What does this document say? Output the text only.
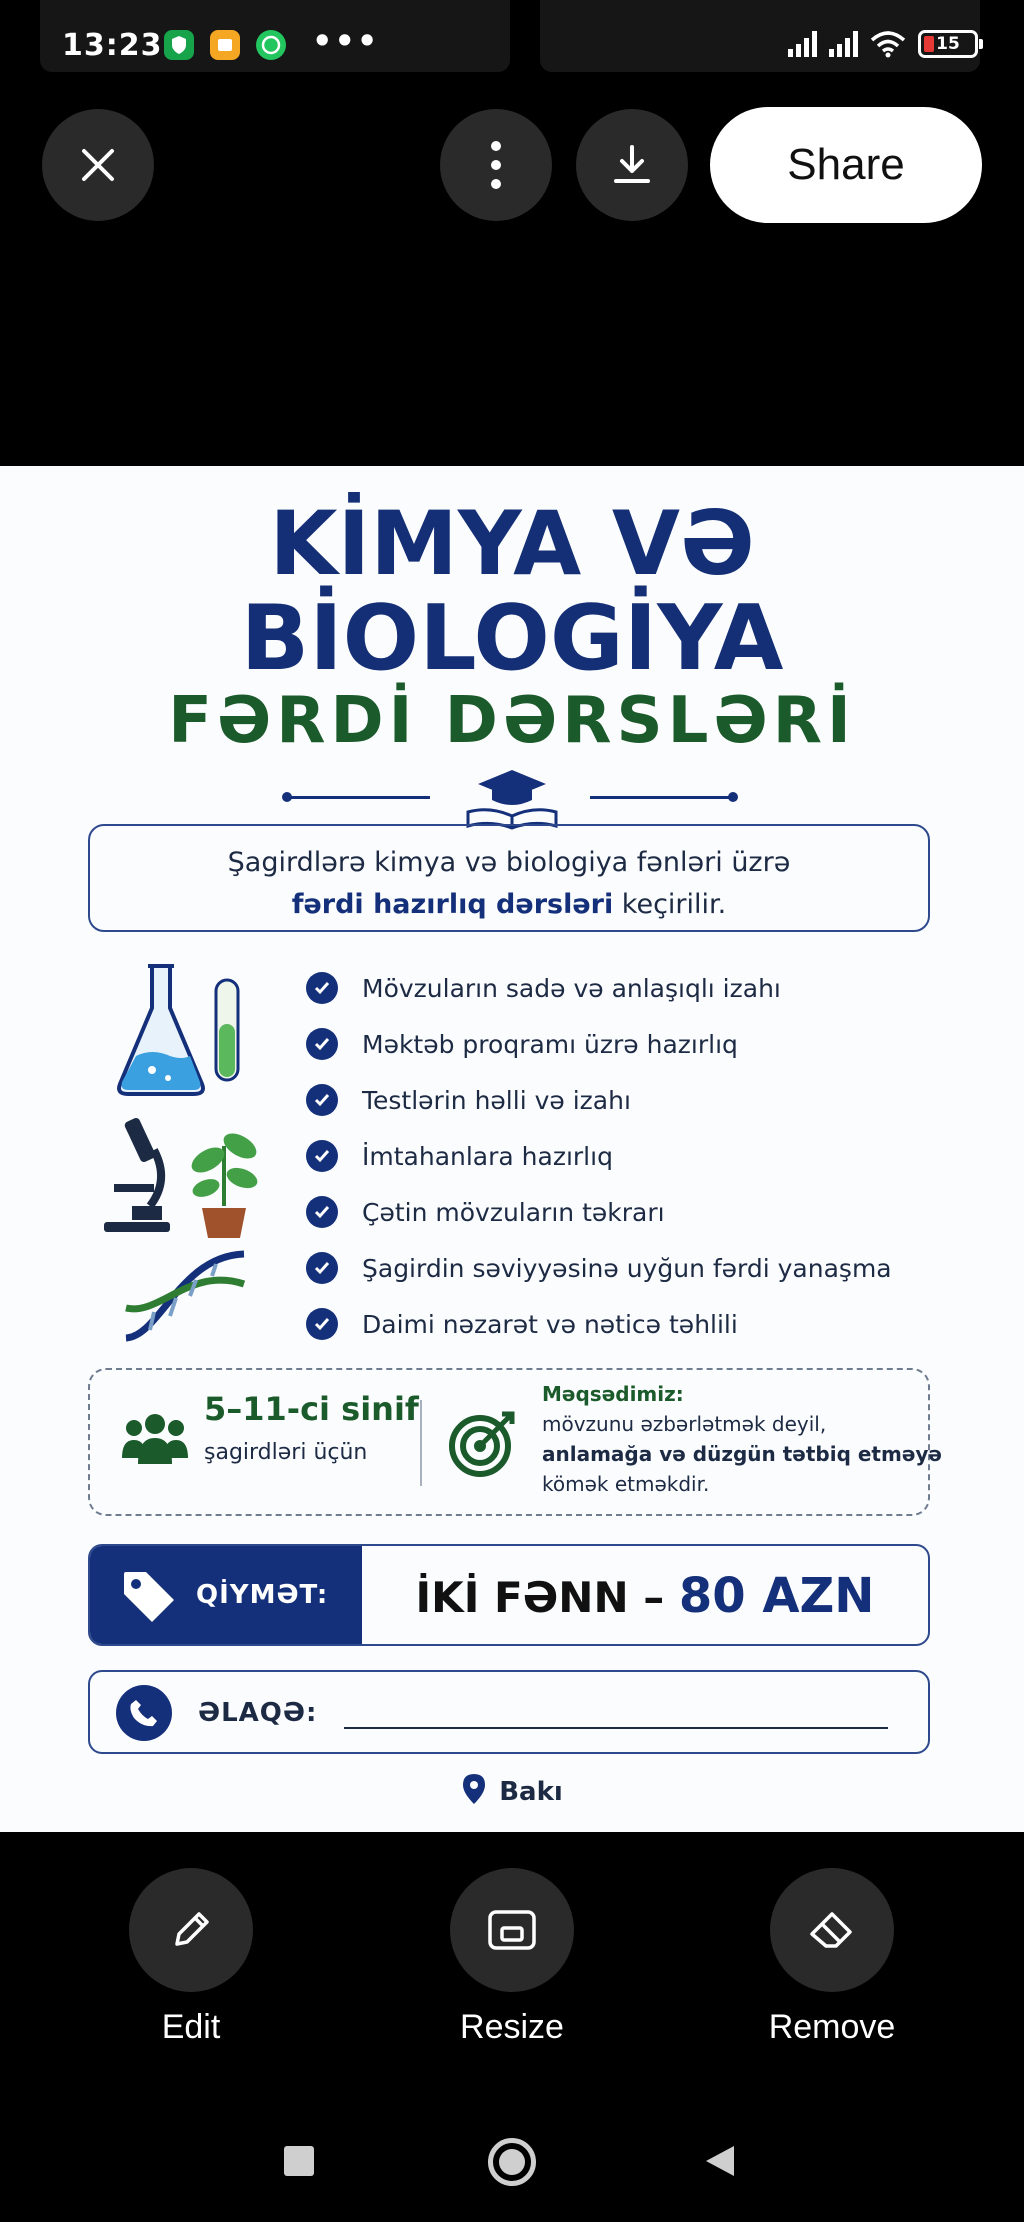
13:23	•••	15
Share
KİMYA VƏ
BİOLOGİYA
FƏRDİ DƏRSLƏRİ
Şagirdlərə kimya və biologiya fənləri üzrə
fərdi hazırlıq dərsləri keçirilir.
Mövzuların sadə və anlaşıqlı izahı
Məktəb proqramı üzrə hazırlıq
Testlərin həlli və izahı
İmtahanlara hazırlıq
Çətin mövzuların təkrarı
Şagirdin səviyyəsinə uyğun fərdi yanaşma
Daimi nəzarət və nəticə təhlili
5–11-ci sinif
şagirdləri üçün
Məqsədimiz:
mövzunu əzbərlətmək deyil,
anlamağa və düzgün tətbiq etməyə
kömək etməkdir.
QİYMƏT:	İKİ FƏNN – 80 AZN
ƏLAQƏ:
Bakı
Edit	Resize	Remove
